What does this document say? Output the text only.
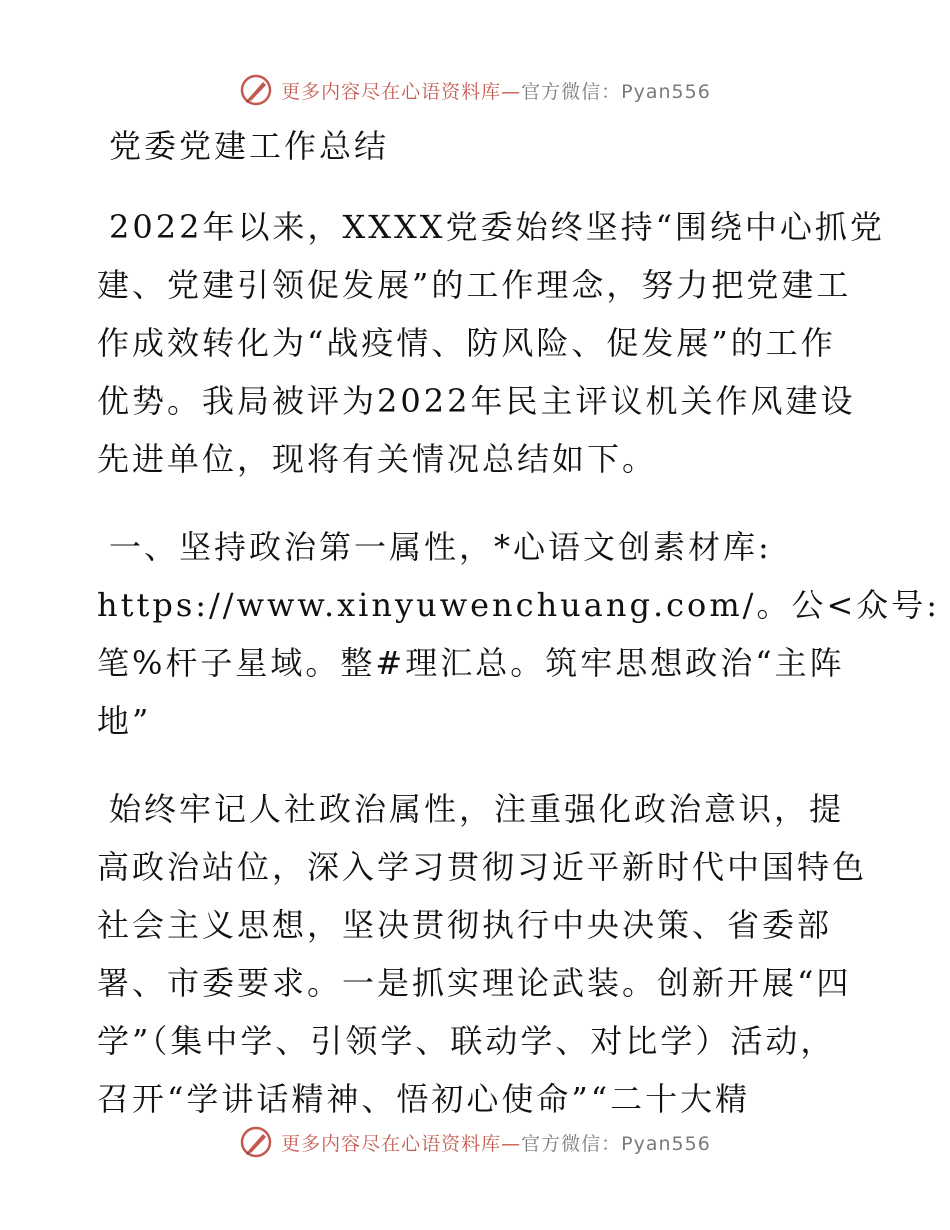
更多内容尽在心语资料库—官方微信：Pyan556
党委党建工作总结
2022年以来，XXXX党委始终坚持“围绕中心抓党
建、党建引领促发展”的工作理念，努力把党建工
作成效转化为“战疫情、防风险、促发展”的工作
优势。我局被评为2022年民主评议机关作风建设
先进单位，现将有关情况总结如下。
一、坚持政治第一属性，*心语文创素材库:
https://www.xinyuwenchuang.com/。公<众号:
笔%杆子星域。整#理汇总。筑牢思想政治“主阵
地”
始终牢记人社政治属性，注重强化政治意识，提
高政治站位，深入学习贯彻习近平新时代中国特色
社会主义思想，坚决贯彻执行中央决策、省委部
署、市委要求。一是抓实理论武装。创新开展“四
学”（集中学、引领学、联动学、对比学）活动，
召开“学讲话精神、悟初心使命”“二十大精
更多内容尽在心语资料库—官方微信：Pyan556
